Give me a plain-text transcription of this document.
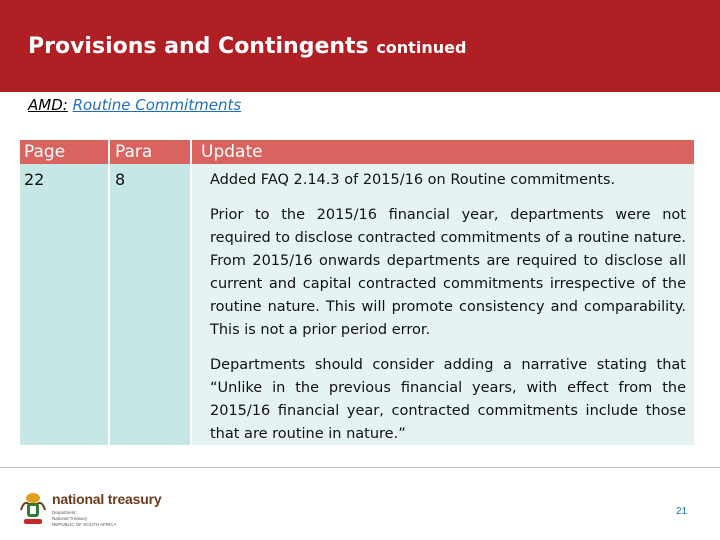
Provisions and Contingents continued
AMD: Routine Commitments
Page	Para	Update
22	8	Added FAQ 2.14.3 of 2015/16 on Routine commitments.

Prior to the 2015/16 financial year, departments were not required to disclose contracted commitments of a routine nature. From 2015/16 onwards departments are required to disclose all current and capital contracted commitments irrespective of the routine nature. This will promote consistency and comparability. This is not a prior period error.

Departments should consider adding a narrative stating that “Unlike in the previous financial years, with effect from the 2015/16 financial year, contracted commitments include those that are routine in nature.”

national treasury
Department:
National Treasury
REPUBLIC OF SOUTH AFRICA
21
